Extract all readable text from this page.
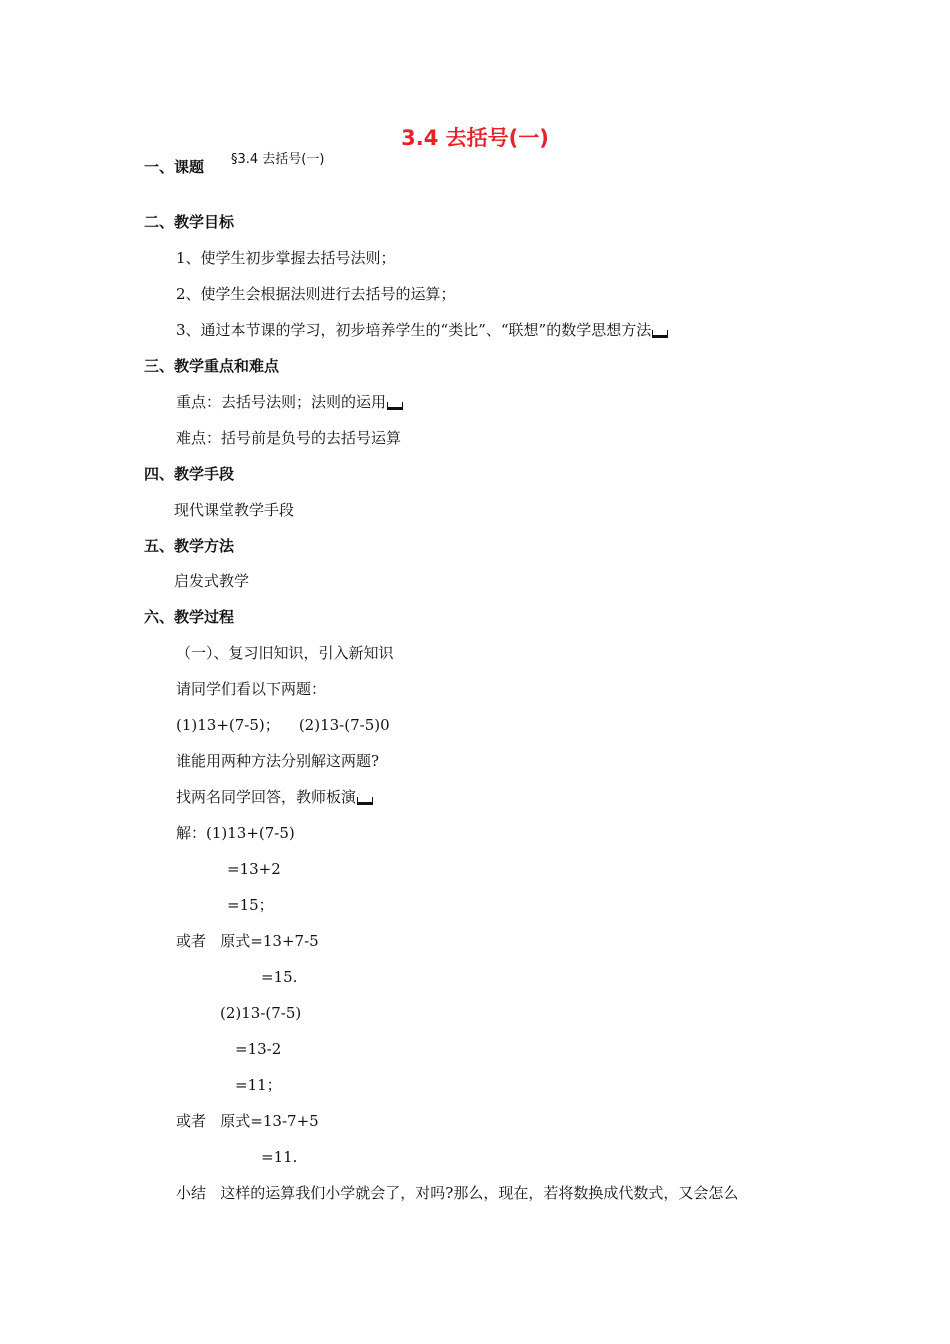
3.4 去括号(一)
一、课题 §3.4 去括号(一)
二、教学目标
1、使学生初步掌握去括号法则；
2、使学生会根据法则进行去括号的运算；
3、通过本节课的学习，初步培养学生的“类比”、“联想”的数学思想方法
三、教学重点和难点
重点：去括号法则；法则的运用
难点：括号前是负号的去括号运算
四、教学手段
现代课堂教学手段
五、教学方法
启发式教学
六、教学过程
（一）、复习旧知识，引入新知识
请同学们看以下两题：
(1)13+(7-5)；    (2)13-(7-5)0
谁能用两种方法分别解这两题?
找两名同学回答，教师板演
解：(1)13+(7-5)
=13+2
=15；
或者   原式=13+7-5
=15.
(2)13-(7-5)
=13-2
=11；
或者   原式=13-7+5
=11.
小结   这样的运算我们小学就会了，对吗?那么，现在，若将数换成代数式，又会怎么
